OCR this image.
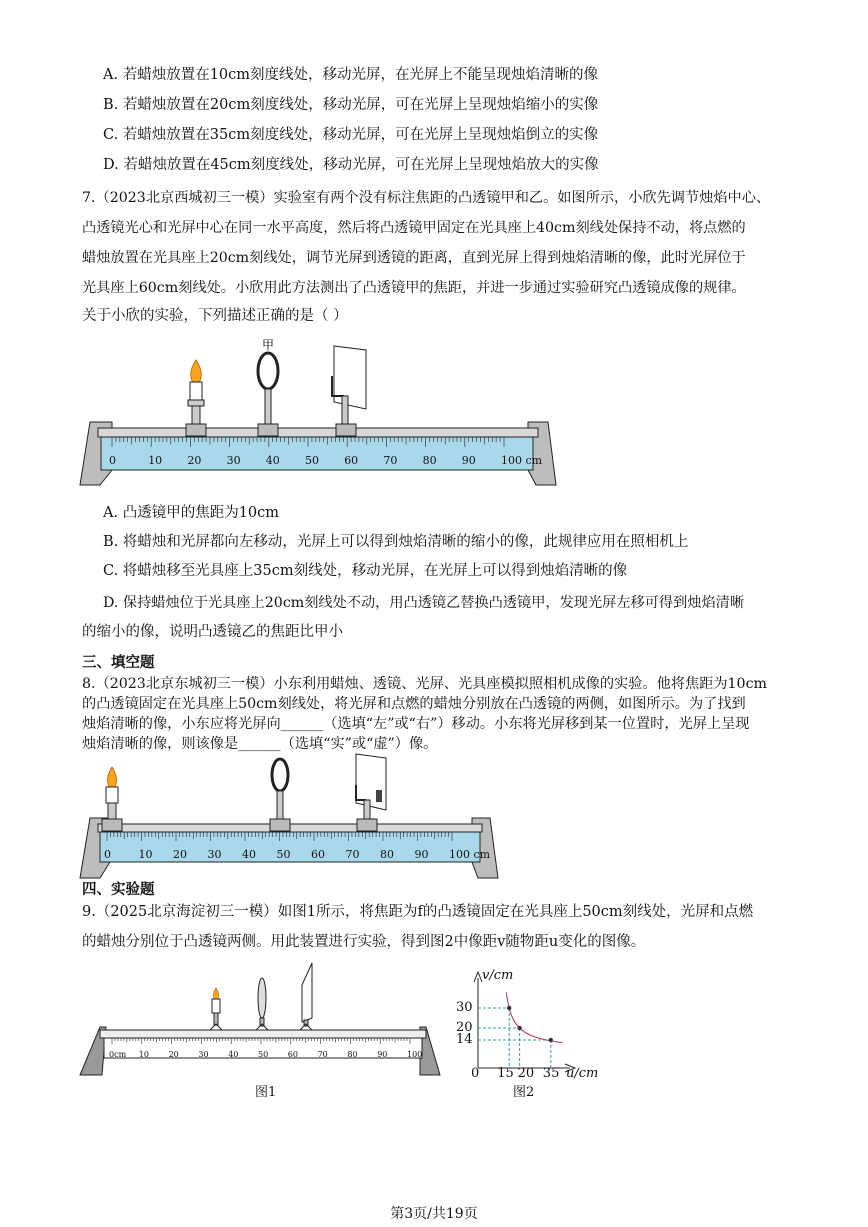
A. 若蜡烛放置在10cm刻度线处，移动光屏，在光屏上不能呈现烛焰清晰的像
B. 若蜡烛放置在20cm刻度线处，移动光屏，可在光屏上呈现烛焰缩小的实像
C. 若蜡烛放置在35cm刻度线处，移动光屏，可在光屏上呈现烛焰倒立的实像
D. 若蜡烛放置在45cm刻度线处，移动光屏，可在光屏上呈现烛焰放大的实像
7.（2023北京西城初三一模）实验室有两个没有标注焦距的凸透镜甲和乙。如图所示，小欣先调节烛焰中心、
凸透镜光心和光屏中心在同一水平高度，然后将凸透镜甲固定在光具座上40cm刻线处保持不动，将点燃的
蜡烛放置在光具座上20cm刻线处，调节光屏到透镜的距离，直到光屏上得到烛焰清晰的像，此时光屏位于
光具座上60cm刻线处。小欣用此方法测出了凸透镜甲的焦距，并进一步通过实验研究凸透镜成像的规律。
关于小欣的实验，下列描述正确的是（ ）
甲
0	10 20 30 40 50 60 70 80 90 100 cm
A. 凸透镜甲的焦距为10cm
B. 将蜡烛和光屏都向左移动，光屏上可以得到烛焰清晰的缩小的像，此规律应用在照相机上
C. 将蜡烛移至光具座上35cm刻线处，移动光屏，在光屏上可以得到烛焰清晰的像
D. 保持蜡烛位于光具座上20cm刻线处不动，用凸透镜乙替换凸透镜甲，发现光屏左移可得到烛焰清晰
的缩小的像，说明凸透镜乙的焦距比甲小
三、填空题
8.（2023北京东城初三一模）小东利用蜡烛、透镜、光屏、光具座模拟照相机成像的实验。他将焦距为10cm
的凸透镜固定在光具座上50cm刻线处，将光屏和点燃的蜡烛分别放在凸透镜的两侧，如图所示。为了找到
烛焰清晰的像，小东应将光屏向______（选填“左”或“右”）移动。小东将光屏移到某一位置时，光屏上呈现
烛焰清晰的像，则该像是______（选填“实”或“虚”）像。
0	10 20 30 40 50 60 70 80 90 100 cm
四、实验题
9.（2025北京海淀初三一模）如图1所示，将焦距为f的凸透镜固定在光具座上50cm刻线处，光屏和点燃
的蜡烛分别位于凸透镜两侧。用此装置进行实验，得到图2中像距v随物距u变化的图像。
0cm 10 20 30 40 50 60 70 80 90 100
图1
v/cm
u/cm
0
14
20
30
15 20 35
图2
第3页/共19页
